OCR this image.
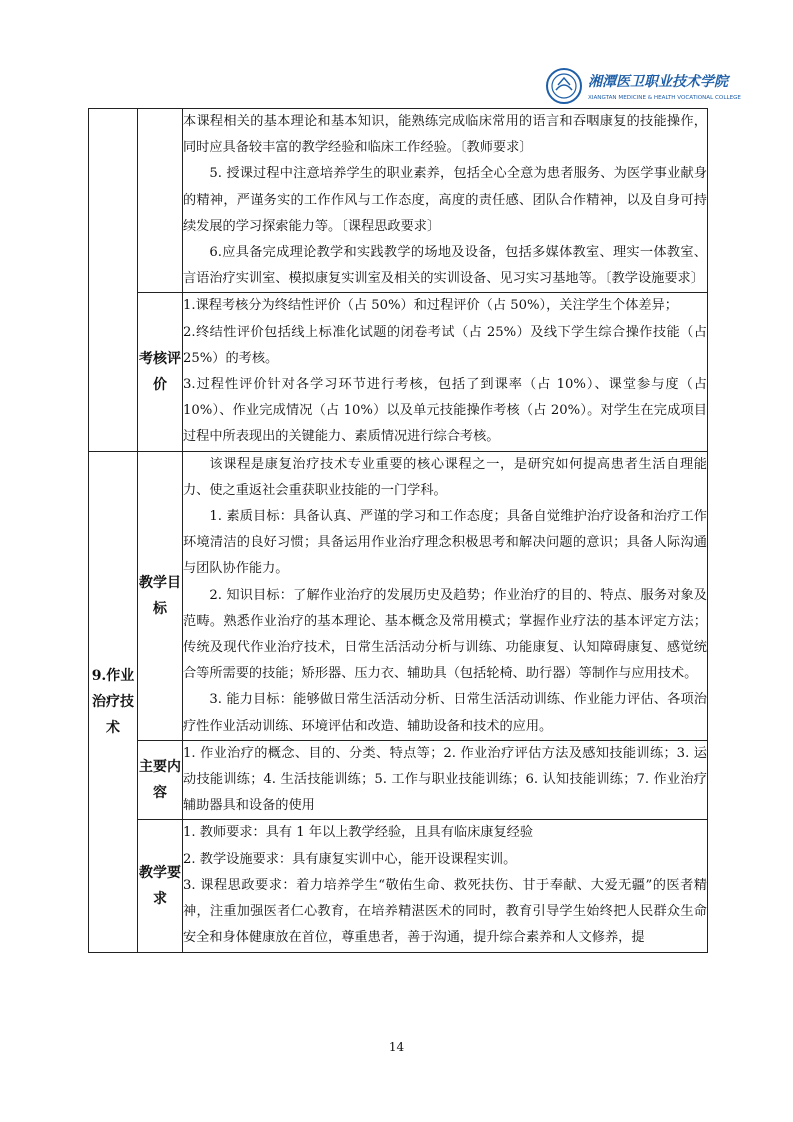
湘潭医卫职业技术学院
XIANGTAN MEDICINE & HEALTH VOCATIONAL COLLEGE

		本课程相关的基本理论和基本知识，能熟练完成临床常用的语言和吞咽康复的技能操作，同时应具备较丰富的教学经验和临床工作经验。〔教师要求〕

5. 授课过程中注意培养学生的职业素养，包括全心全意为患者服务、为医学事业献身的精神，严谨务实的工作作风与工作态度，高度的责任感、团队合作精神，以及自身可持续发展的学习探索能力等。〔课程思政要求〕

6.应具备完成理论教学和实践教学的场地及设备，包括多媒体教室、理实一体教室、言语治疗实训室、模拟康复实训室及相关的实训设备、见习实习基地等。〔教学设施要求〕

	考核评价	1.课程考核分为终结性评价（占 50%）和过程评价（占 50%），关注学生个体差异；

2.终结性评价包括线上标准化试题的闭卷考试（占 25%）及线下学生综合操作技能（占 25%）的考核。

3.过程性评价针对各学习环节进行考核，包括了到课率（占 10%）、课堂参与度（占 10%）、作业完成情况（占 10%）以及单元技能操作考核（占 20%）。对学生在完成项目过程中所表现出的关键能力、素质情况进行综合考核。

9.作业治疗技术	教学目标	该课程是康复治疗技术专业重要的核心课程之一，是研究如何提高患者生活自理能力、使之重返社会重获职业技能的一门学科。

1. 素质目标：具备认真、严谨的学习和工作态度；具备自觉维护治疗设备和治疗工作环境清洁的良好习惯；具备运用作业治疗理念积极思考和解决问题的意识；具备人际沟通与团队协作能力。

2. 知识目标：了解作业治疗的发展历史及趋势；作业治疗的目的、特点、服务对象及范畴。熟悉作业治疗的基本理论、基本概念及常用模式；掌握作业疗法的基本评定方法；传统及现代作业治疗技术，日常生活活动分析与训练、功能康复、认知障碍康复、感觉统合等所需要的技能；矫形器、压力衣、辅助具（包括轮椅、助行器）等制作与应用技术。

3. 能力目标：能够做日常生活活动分析、日常生活活动训练、作业能力评估、各项治疗性作业活动训练、环境评估和改造、辅助设备和技术的应用。

	主要内容	1. 作业治疗的概念、目的、分类、特点等；2. 作业治疗评估方法及感知技能训练；3. 运动技能训练；4. 生活技能训练；5. 工作与职业技能训练；6. 认知技能训练；7. 作业治疗辅助器具和设备的使用

	教学要求	1. 教师要求：具有 1 年以上教学经验，且具有临床康复经验

2. 教学设施要求：具有康复实训中心，能开设课程实训。

3. 课程思政要求：着力培养学生“敬佑生命、救死扶伤、甘于奉献、大爱无疆”的医者精神，注重加强医者仁心教育，在培养精湛医术的同时，教育引导学生始终把人民群众生命安全和身体健康放在首位，尊重患者，善于沟通，提升综合素养和人文修养，提

14
